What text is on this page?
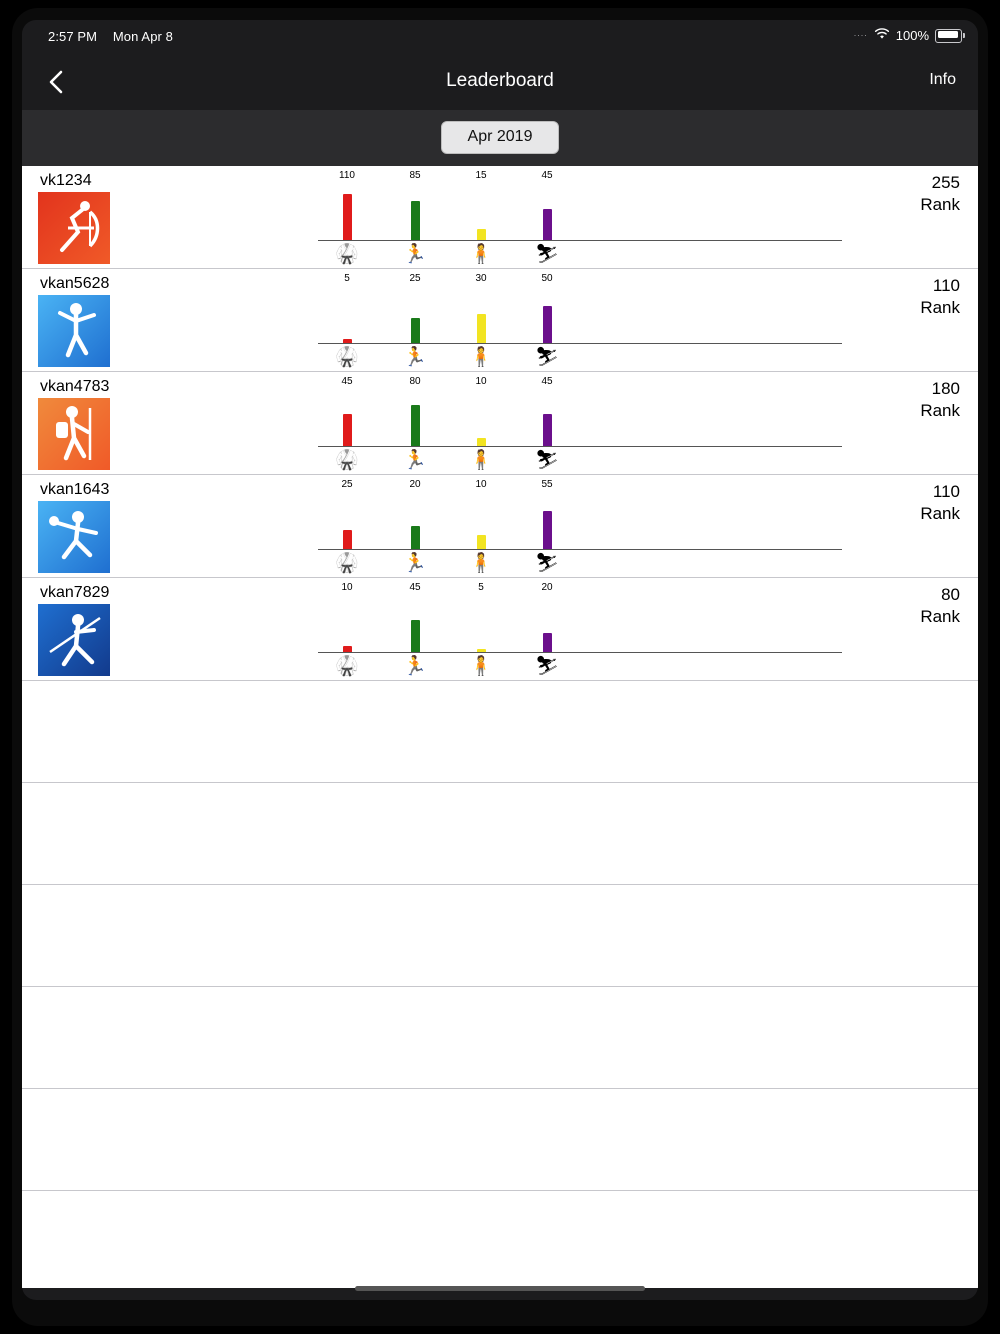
2:57 PM Mon Apr 8	.... 100%
Leaderboard	Info
Apr 2019
vk1234	255
Rank
110	85	15	45
🥋	🏃	🧍	⛷
vkan5628	110
Rank
5	25	30	50
🥋	🏃	🧍	⛷
vkan4783	180
Rank
45	80	10	45
🥋	🏃	🧍	⛷
vkan1643	110
Rank
25	20	10	55
🥋	🏃	🧍	⛷
vkan7829	80
Rank
10	45	5	20
🥋	🏃	🧍	⛷
